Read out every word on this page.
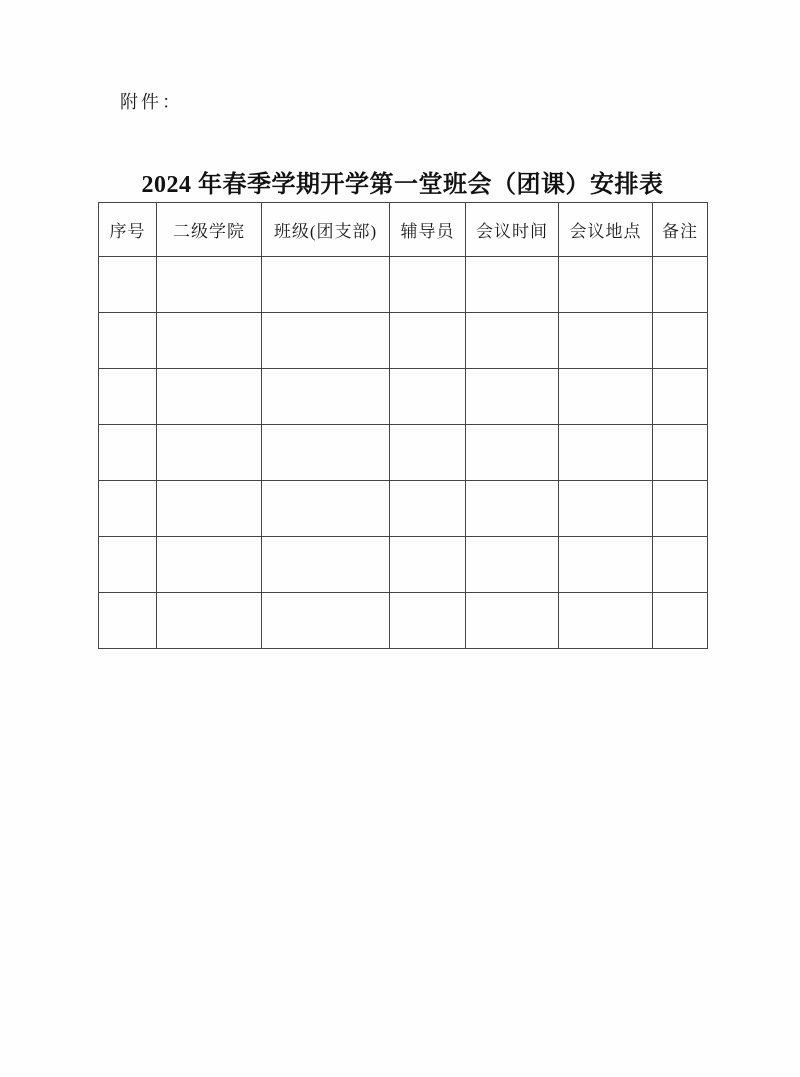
附件：
2024 年春季学期开学第一堂班会（团课）安排表
序号	二级学院	班级(团支部)	辅导员	会议时间	会议地点	备注
